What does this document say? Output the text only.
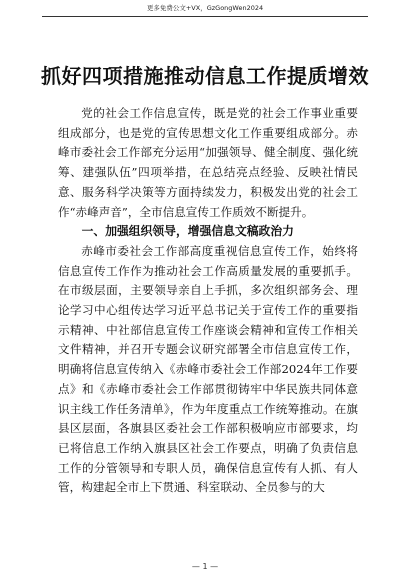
更多免费公文+VX，GzGongWen2024
抓好四项措施推动信息工作提质增效

党的社会工作信息宣传，既是党的社会工作事业重要组成部分，也是党的宣传思想文化工作重要组成部分。赤峰市委社会工作部充分运用“加强领导、健全制度、强化统筹、建强队伍”四项举措，在总结亮点经验、反映社情民意、服务科学决策等方面持续发力，积极发出党的社会工作“赤峰声音”，全市信息宣传工作质效不断提升。

一、加强组织领导，增强信息文稿政治力

赤峰市委社会工作部高度重视信息宣传工作，始终将信息宣传工作作为推动社会工作高质量发展的重要抓手。在市级层面，主要领导亲自上手抓，多次组织部务会、理论学习中心组传达学习近平总书记关于宣传工作的重要指示精神、中社部信息宣传工作座谈会精神和宣传工作相关文件精神，并召开专题会议研究部署全市信息宣传工作，明确将信息宣传纳入《赤峰市委社会工作部2024年工作要点》和《赤峰市委社会工作部贯彻铸牢中华民族共同体意识主线工作任务清单》，作为年度重点工作统筹推动。在旗县区层面，各旗县区委社会工作部积极响应市部要求，均已将信息工作纳入旗县区社会工作要点，明确了负责信息工作的分管领导和专职人员，确保信息宣传有人抓、有人管，构建起全市上下贯通、科室联动、全员参与的大

— 1 —
